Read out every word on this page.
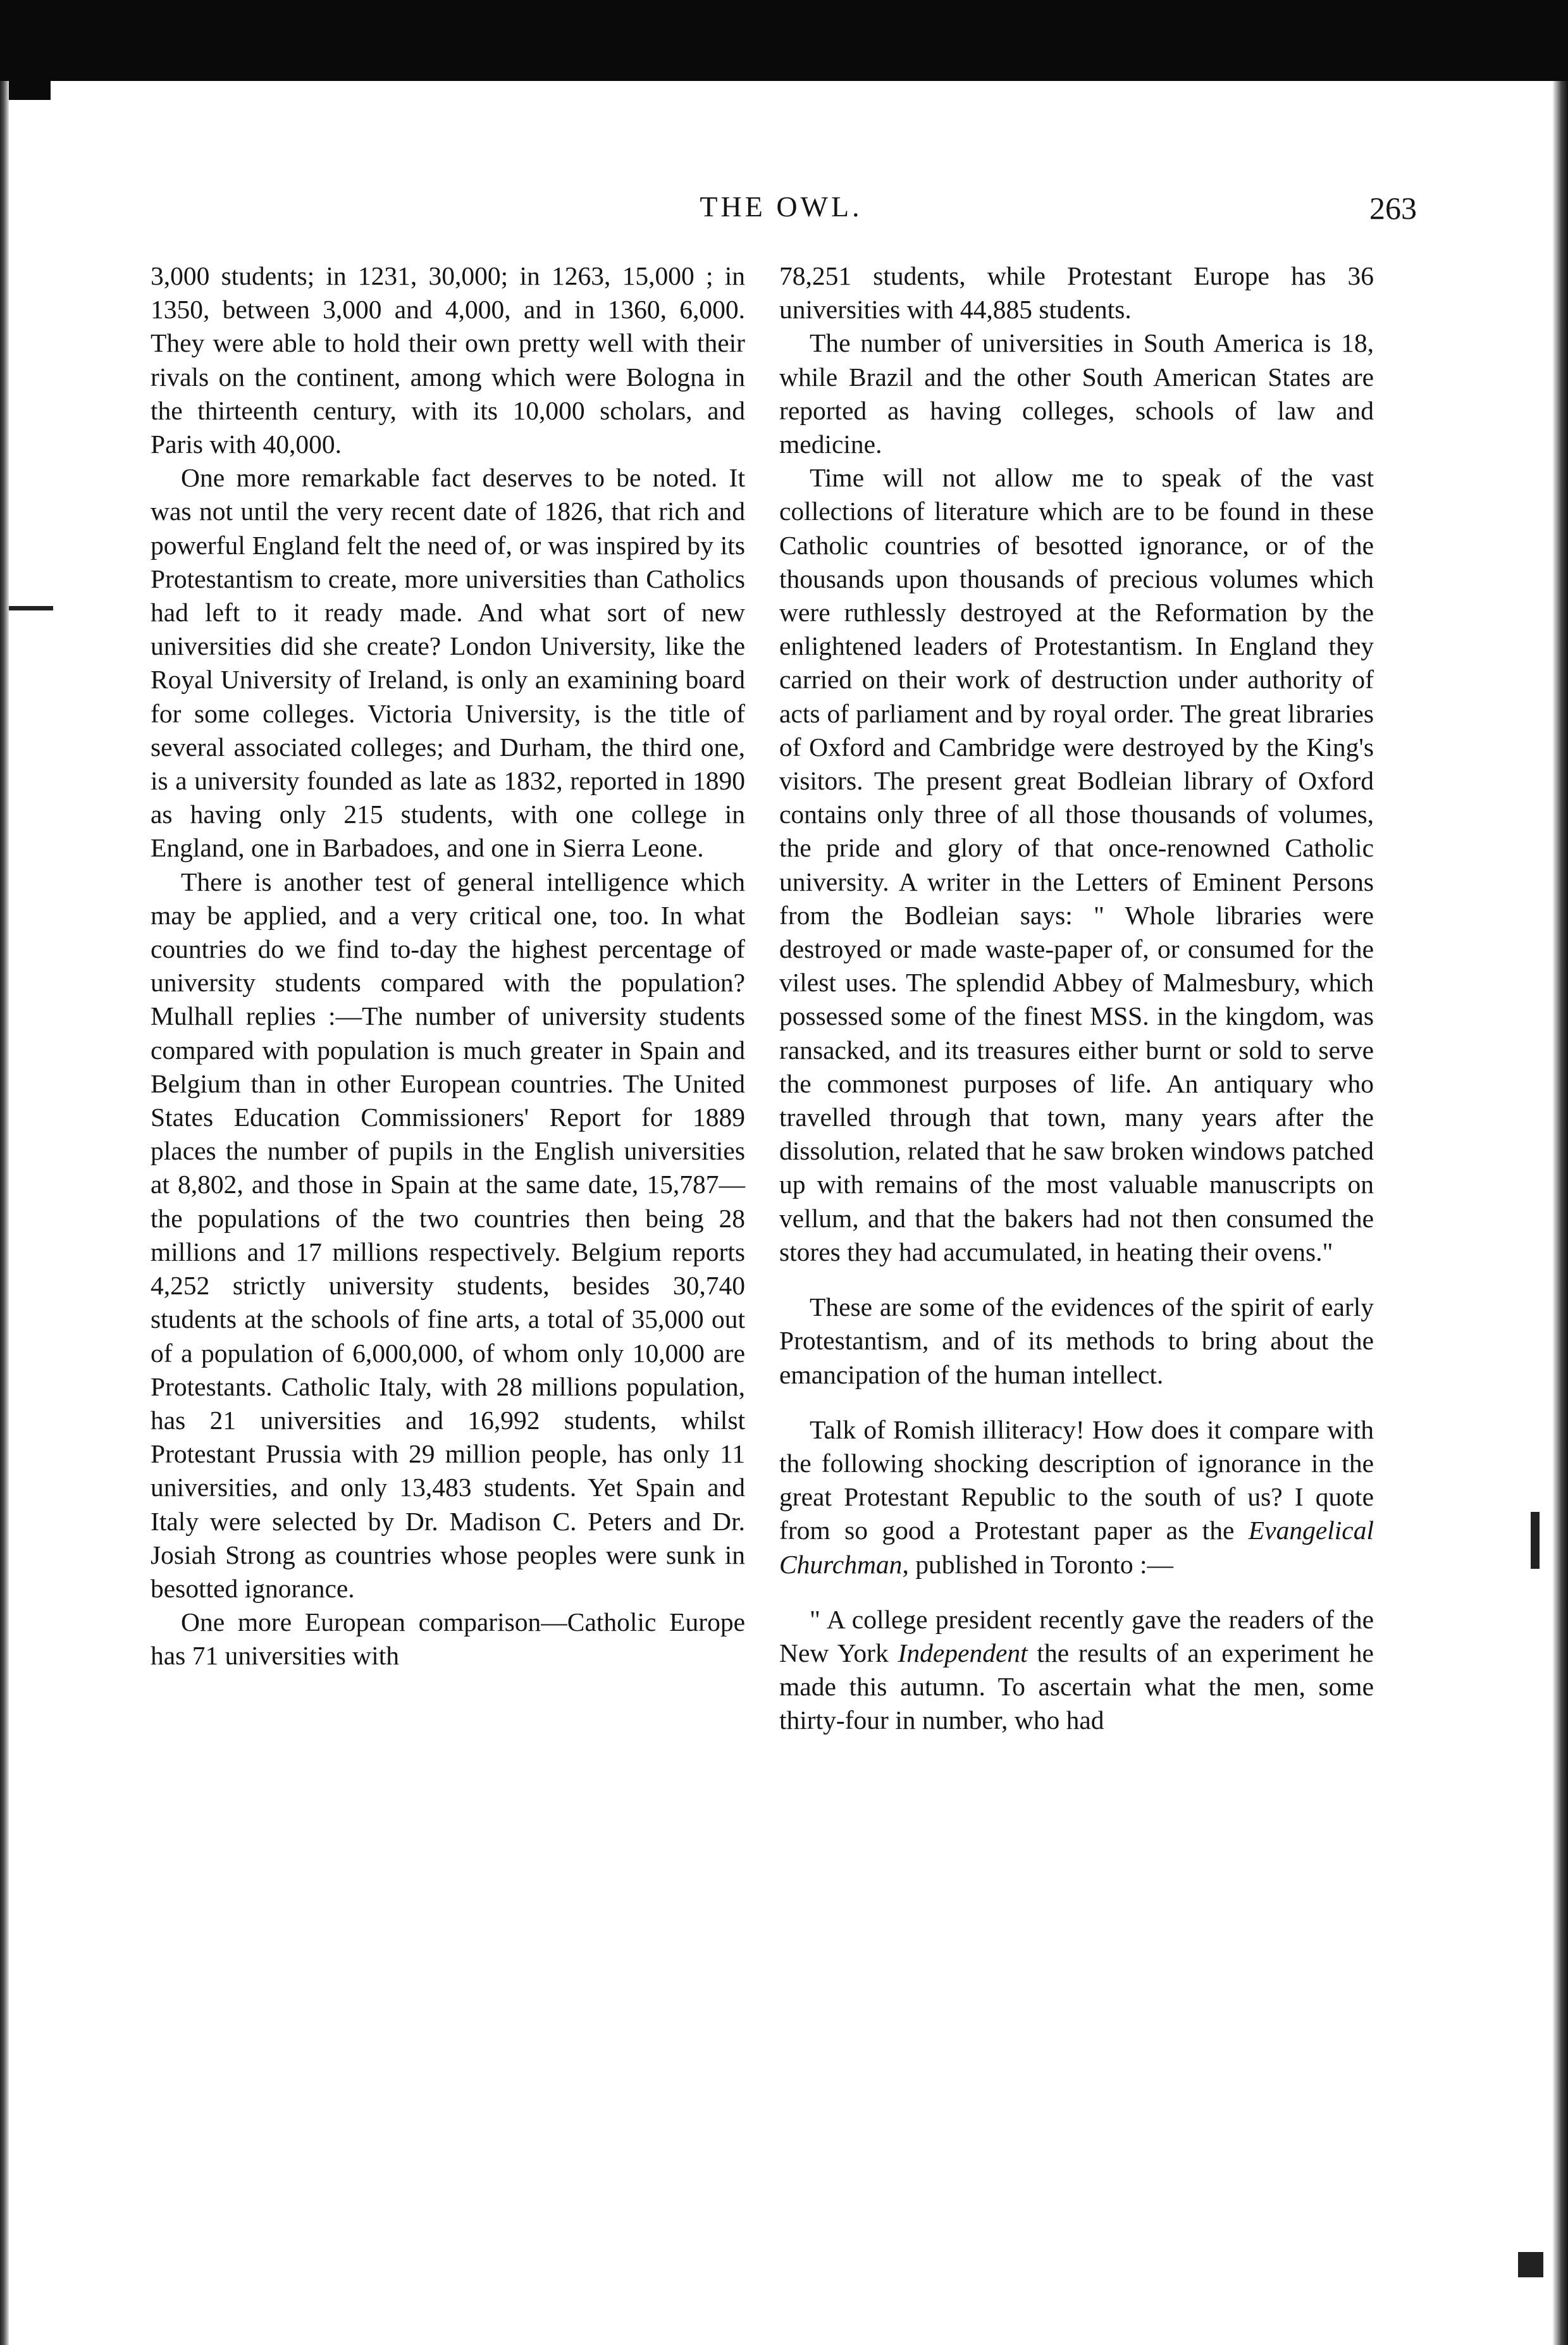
THE OWL.	263

3,000 students; in 1231, 30,000; in 1263, 15,000 ; in 1350, between 3,000 and 4,000, and in 1360, 6,000. They were able to hold their own pretty well with their rivals on the continent, among which were Bologna in the thirteenth century, with its 10,000 scholars, and Paris with 40,000.

One more remarkable fact deserves to be noted. It was not until the very recent date of 1826, that rich and powerful England felt the need of, or was inspired by its Protestantism to create, more universities than Catholics had left to it ready made. And what sort of new universities did she create? London University, like the Royal University of Ireland, is only an examining board for some colleges. Victoria University, is the title of several associated colleges; and Durham, the third one, is a university founded as late as 1832, reported in 1890 as having only 215 students, with one college in England, one in Barbadoes, and one in Sierra Leone.

There is another test of general intelligence which may be applied, and a very critical one, too. In what countries do we find to-day the highest percentage of university students compared with the population? Mulhall replies :—The number of university students compared with population is much greater in Spain and Belgium than in other European countries. The United States Education Commissioners' Report for 1889 places the number of pupils in the English universities at 8,802, and those in Spain at the same date, 15,787—the populations of the two countries then being 28 millions and 17 millions respectively. Belgium reports 4,252 strictly university students, besides 30,740 students at the schools of fine arts, a total of 35,000 out of a population of 6,000,000, of whom only 10,000 are Protestants. Catholic Italy, with 28 millions population, has 21 universities and 16,992 students, whilst Protestant Prussia with 29 million people, has only 11 universities, and only 13,483 students. Yet Spain and Italy were selected by Dr. Madison C. Peters and Dr. Josiah Strong as countries whose peoples were sunk in besotted ignorance.

One more European comparison—Catholic Europe has 71 universities with

78,251 students, while Protestant Europe has 36 universities with 44,885 students.

The number of universities in South America is 18, while Brazil and the other South American States are reported as having colleges, schools of law and medicine.

Time will not allow me to speak of the vast collections of literature which are to be found in these Catholic countries of besotted ignorance, or of the thousands upon thousands of precious volumes which were ruthlessly destroyed at the Reformation by the enlightened leaders of Protestantism. In England they carried on their work of destruction under authority of acts of parliament and by royal order. The great libraries of Oxford and Cambridge were destroyed by the King's visitors. The present great Bodleian library of Oxford contains only three of all those thousands of volumes, the pride and glory of that once-renowned Catholic university. A writer in the Letters of Eminent Persons from the Bodleian says: " Whole libraries were destroyed or made waste-paper of, or consumed for the vilest uses. The splendid Abbey of Malmesbury, which possessed some of the finest MSS. in the kingdom, was ransacked, and its treasures either burnt or sold to serve the commonest purposes of life. An antiquary who travelled through that town, many years after the dissolution, related that he saw broken windows patched up with remains of the most valuable manuscripts on vellum, and that the bakers had not then consumed the stores they had accumulated, in heating their ovens."

These are some of the evidences of the spirit of early Protestantism, and of its methods to bring about the emancipation of the human intellect.

Talk of Romish illiteracy! How does it compare with the following shocking description of ignorance in the great Protestant Republic to the south of us? I quote from so good a Protestant paper as the Evangelical Churchman, published in Toronto :—

" A college president recently gave the readers of the New York Independent the results of an experiment he made this autumn. To ascertain what the men, some thirty-four in number, who had
